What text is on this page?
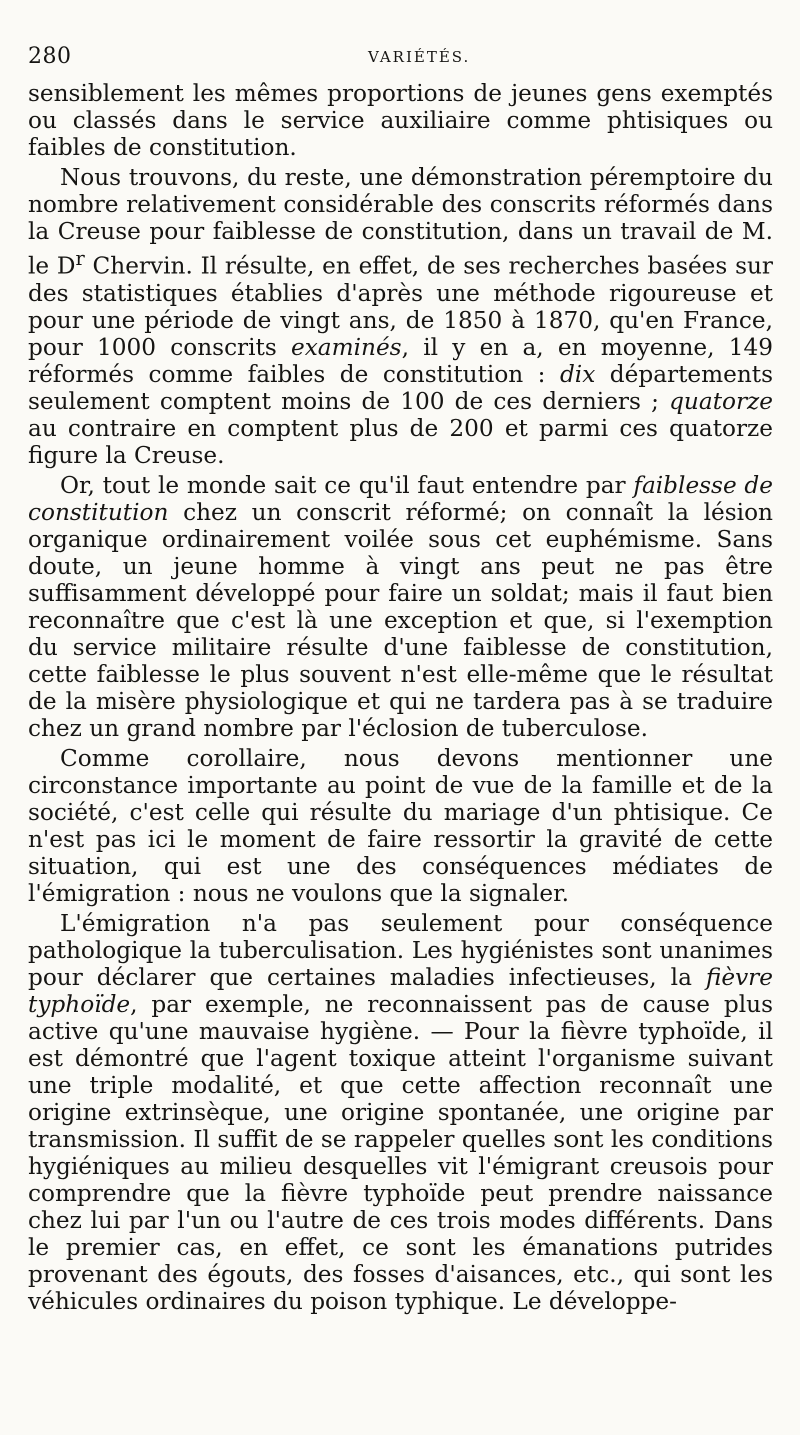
280	VARIÉTÉS.

sensiblement les mêmes proportions de jeunes gens exemptés ou classés dans le service auxiliaire comme phtisiques ou faibles de constitution.

Nous trouvons, du reste, une démonstration péremptoire du nombre relativement considérable des conscrits réformés dans la Creuse pour faiblesse de constitution, dans un travail de M. le $D^r$ Chervin. Il résulte, en effet, de ses recherches basées sur des statistiques établies d'après une méthode rigoureuse et pour une période de vingt ans, de 1850 à 1870, qu'en France, pour 1000 conscrits examinés, il y en a, en moyenne, 149 réformés comme faibles de constitution : dix départements seulement comptent moins de 100 de ces derniers ; quatorze au contraire en comptent plus de 200 et parmi ces quatorze figure la Creuse.

Or, tout le monde sait ce qu'il faut entendre par faiblesse de constitution chez un conscrit réformé; on connaît la lésion organique ordinairement voilée sous cet euphémisme. Sans doute, un jeune homme à vingt ans peut ne pas être suffisamment développé pour faire un soldat; mais il faut bien reconnaître que c'est là une exception et que, si l'exemption du service militaire résulte d'une faiblesse de constitution, cette faiblesse le plus souvent n'est elle-même que le résultat de la misère physiologique et qui ne tardera pas à se traduire chez un grand nombre par l'éclosion de tuberculose.

Comme corollaire, nous devons mentionner une circonstance importante au point de vue de la famille et de la société, c'est celle qui résulte du mariage d'un phtisique. Ce n'est pas ici le moment de faire ressortir la gravité de cette situation, qui est une des conséquences médiates de l'émigration : nous ne voulons que la signaler.

L'émigration n'a pas seulement pour conséquence pathologique la tuberculisation. Les hygiénistes sont unanimes pour déclarer que certaines maladies infectieuses, la fièvre typhoïde, par exemple, ne reconnaissent pas de cause plus active qu'une mauvaise hygiène. — Pour la fièvre typhoïde, il est démontré que l'agent toxique atteint l'organisme suivant une triple modalité, et que cette affection reconnaît une origine extrinsèque, une origine spontanée, une origine par transmission. Il suffit de se rappeler quelles sont les conditions hygiéniques au milieu desquelles vit l'émigrant creusois pour comprendre que la fièvre typhoïde peut prendre naissance chez lui par l'un ou l'autre de ces trois modes différents. Dans le premier cas, en effet, ce sont les émanations putrides provenant des égouts, des fosses d'aisances, etc., qui sont les véhicules ordinaires du poison typhique. Le développe-
